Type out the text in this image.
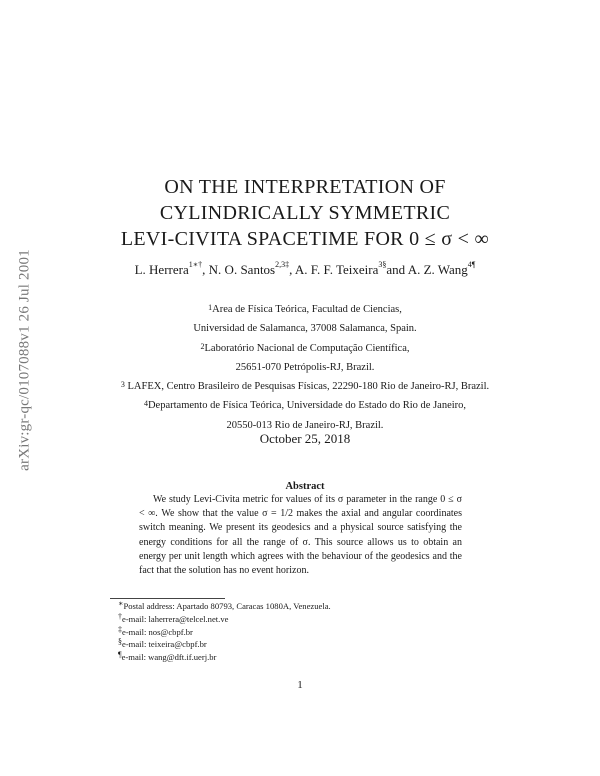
arXiv:gr-qc/0107088v1 26 Jul 2001
ON THE INTERPRETATION OF
CYLINDRICALLY SYMMETRIC
LEVI-CIVITA SPACETIME FOR 0 ≤ σ < ∞
L. Herrera$^{1∗\dagger}$, N. O. Santos$^{2,3\ddagger}$, A. F. F. Teixeira$^{3\S}$and A. Z. Wang$^{4\P}$
$^1$Area de Física Teórica, Facultad de Ciencias,
Universidad de Salamanca, 37008 Salamanca, Spain.
$^2$Laboratório Nacional de Computação Científica,
25651-070 Petrópolis-RJ, Brazil.
$^3$ LAFEX, Centro Brasileiro de Pesquisas Físicas, 22290-180 Rio de Janeiro-RJ, Brazil.
$^4$Departamento de Física Teórica, Universidade do Estado do Rio de Janeiro,
20550-013 Rio de Janeiro-RJ, Brazil.
October 25, 2018
Abstract
We study Levi-Civita metric for values of its σ parameter in the range 0 ≤ σ < ∞. We show that the value σ = 1/2 makes the axial and angular coordinates switch meaning. We present its geodesics and a physical source satisfying the energy conditions for all the range of σ. This source allows us to obtain an energy per unit length which agrees with the behaviour of the geodesics and the fact that the solution has no event horizon.
∗Postal address: Apartado 80793, Caracas 1080A, Venezuela.
†e-mail: laherrera@telcel.net.ve
‡e-mail: nos@cbpf.br
§e-mail: teixeira@cbpf.br
¶e-mail: wang@dft.if.uerj.br
1
